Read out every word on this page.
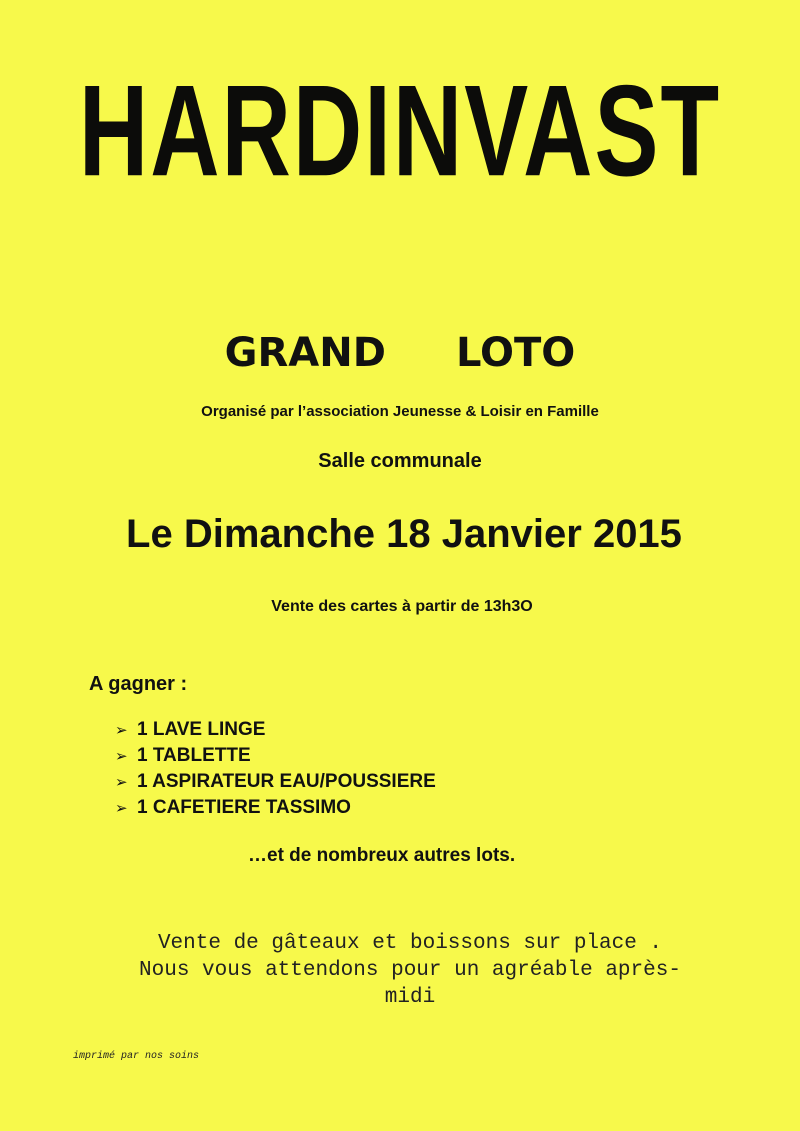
HARDINVAST
GRAND LOTO
Organisé par l’association Jeunesse & Loisir en Famille
Salle communale
Le Dimanche 18 Janvier 2015
Vente des cartes à partir de 13h3O
A gagner :
➢ 1 LAVE LINGE
➢ 1 TABLETTE
➢ 1 ASPIRATEUR EAU/POUSSIERE
➢ 1 CAFETIERE TASSIMO
…et de nombreux autres lots.
Vente de gâteaux et boissons sur place .
Nous vous attendons pour un agréable après-
midi
imprimé par nos soins
